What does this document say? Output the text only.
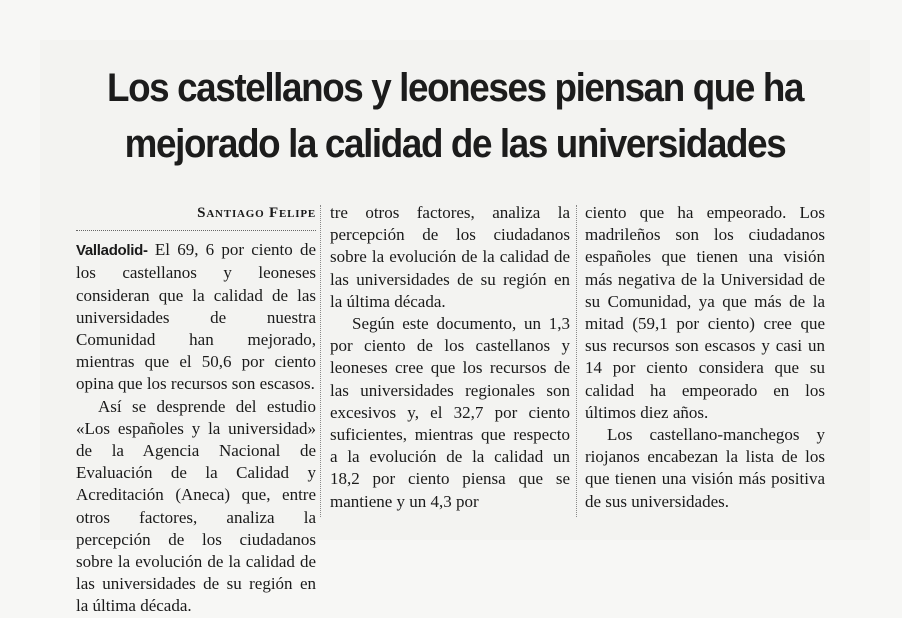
Los castellanos y leoneses piensan que ha
mejorado la calidad de las universidades
Santiago Felipe

Valladolid- El 69, 6 por ciento de los castellanos y leoneses consideran que la calidad de las universidades de nuestra Comunidad han mejorado, mientras que el 50,6 por ciento opina que los recursos son escasos.

Así se desprende del estudio «Los españoles y la universidad» de la Agencia Nacional de Evaluación de la Calidad y Acreditación (Aneca) que, entre otros factores, analiza la percepción de los ciudadanos sobre la evolución de la calidad de las universidades de su región en la última década.

tre otros factores, analiza la percepción de los ciudadanos sobre la evolución de la calidad de las universidades de su región en la última década.

Según este documento, un 1,3 por ciento de los castellanos y leoneses cree que los recursos de las universidades regionales son excesivos y, el 32,7 por ciento suficientes, mientras que respecto a la evolución de la calidad un 18,2 por ciento piensa que se mantiene y un 4,3 por

ciento que ha empeorado. Los madrileños son los ciudadanos españoles que tienen una visión más negativa de la Universidad de su Comunidad, ya que más de la mitad (59,1 por ciento) cree que sus recursos son escasos y casi un 14 por ciento considera que su calidad ha empeorado en los últimos diez años.

Los castellano-manchegos y riojanos encabezan la lista de los que tienen una visión más positiva de sus universidades.
